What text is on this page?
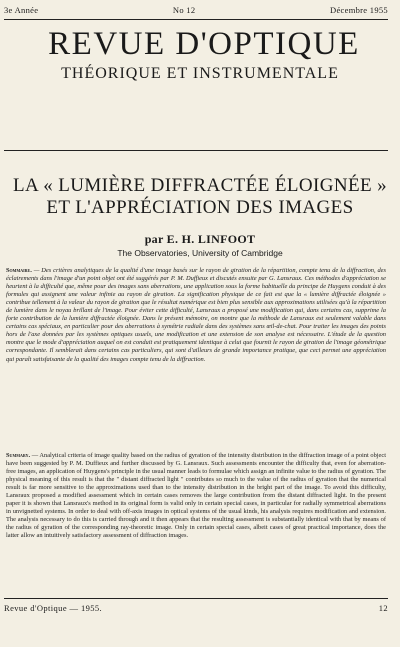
3e Année	No 12	Décembre 1955
REVUE D'OPTIQUE
THÉORIQUE ET INSTRUMENTALE
LA « LUMIÈRE DIFFRACTÉE ÉLOIGNÉE »
ET L'APPRÉCIATION DES IMAGES
par E. H. LINFOOT
The Observatories, University of Cambridge
Sommaire. — Des critères analytiques de la qualité d'une image basés sur le rayon de giration de la répartition, compte tenu de la diffraction, des éclairements dans l'image d'un point objet ont été suggérés par P. M. Duffieux et discutés ensuite par G. Lansraux. Ces méthodes d'appréciation se heurtent à la difficulté que, même pour des images sans aberrations, une application sous la forme habituelle du principe de Huygens conduit à des formules qui assignent une valeur infinie au rayon de giration. La signification physique de ce fait est que la « lumière diffractée éloignée » contribue tellement à la valeur du rayon de giration que le résultat numérique est bien plus sensible aux approximations utilisées qu'à la répartition de lumière dans le noyau brillant de l'image. Pour éviter cette difficulté, Lansraux a proposé une modification qui, dans certains cas, supprime la forte contribution de la lumière diffractée éloignée. Dans le présent mémoire, on montre que la méthode de Lansraux est seulement valable dans certains cas spéciaux, en particulier pour des aberrations à symétrie radiale dans des systèmes sans œil-de-chat. Pour traiter les images des points hors de l'axe données par les systèmes optiques usuels, une modification et une extension de son analyse est nécessaire. L'étude de la question montre que le mode d'appréciation auquel on est conduit est pratiquement identique à celui que fournit le rayon de giration de l'image géométrique correspondante. Il semblerait dans certains cas particuliers, qui sont d'ailleurs de grande importance pratique, que ceci permet une appréciation qui paraît satisfaisante de la qualité des images compte tenu de la diffraction.
Summary. — Analytical criteria of image quality based on the radius of gyration of the intensity distribution in the diffraction image of a point object have been suggested by P. M. Duffieux and further discussed by G. Lansraux. Such assessments encounter the difficulty that, even for aberration-free images, an application of Huygens's principle in the usual manner leads to formulae which assign an infinite value to the radius of gyration. The physical meaning of this result is that the " distant diffracted light " contributes so much to the value of the radius of gyration that the numerical result is far more sensitive to the approximations used than to the intensity distribution in the bright part of the image. To avoid this difficulty, Lansraux proposed a modified assessment which in certain cases removes the large contribution from the distant diffracted light. In the present paper it is shown that Lansraux's method in its original form is valid only in certain special cases, in particular for radially symmetrical aberrations in unvignetted systems. In order to deal with off-axis images in optical systems of the usual kinds, his analysis requires modification and extension. The analysis necessary to do this is carried through and it then appears that the resulting assessment is substantially identical with that by means of the radius of gyration of the corresponding ray-theoretic image. Only in certain special cases, albeit cases of great practical importance, does the latter allow an intuitively satisfactory assessment of diffraction images.
Revue d'Optique — 1955.	12
